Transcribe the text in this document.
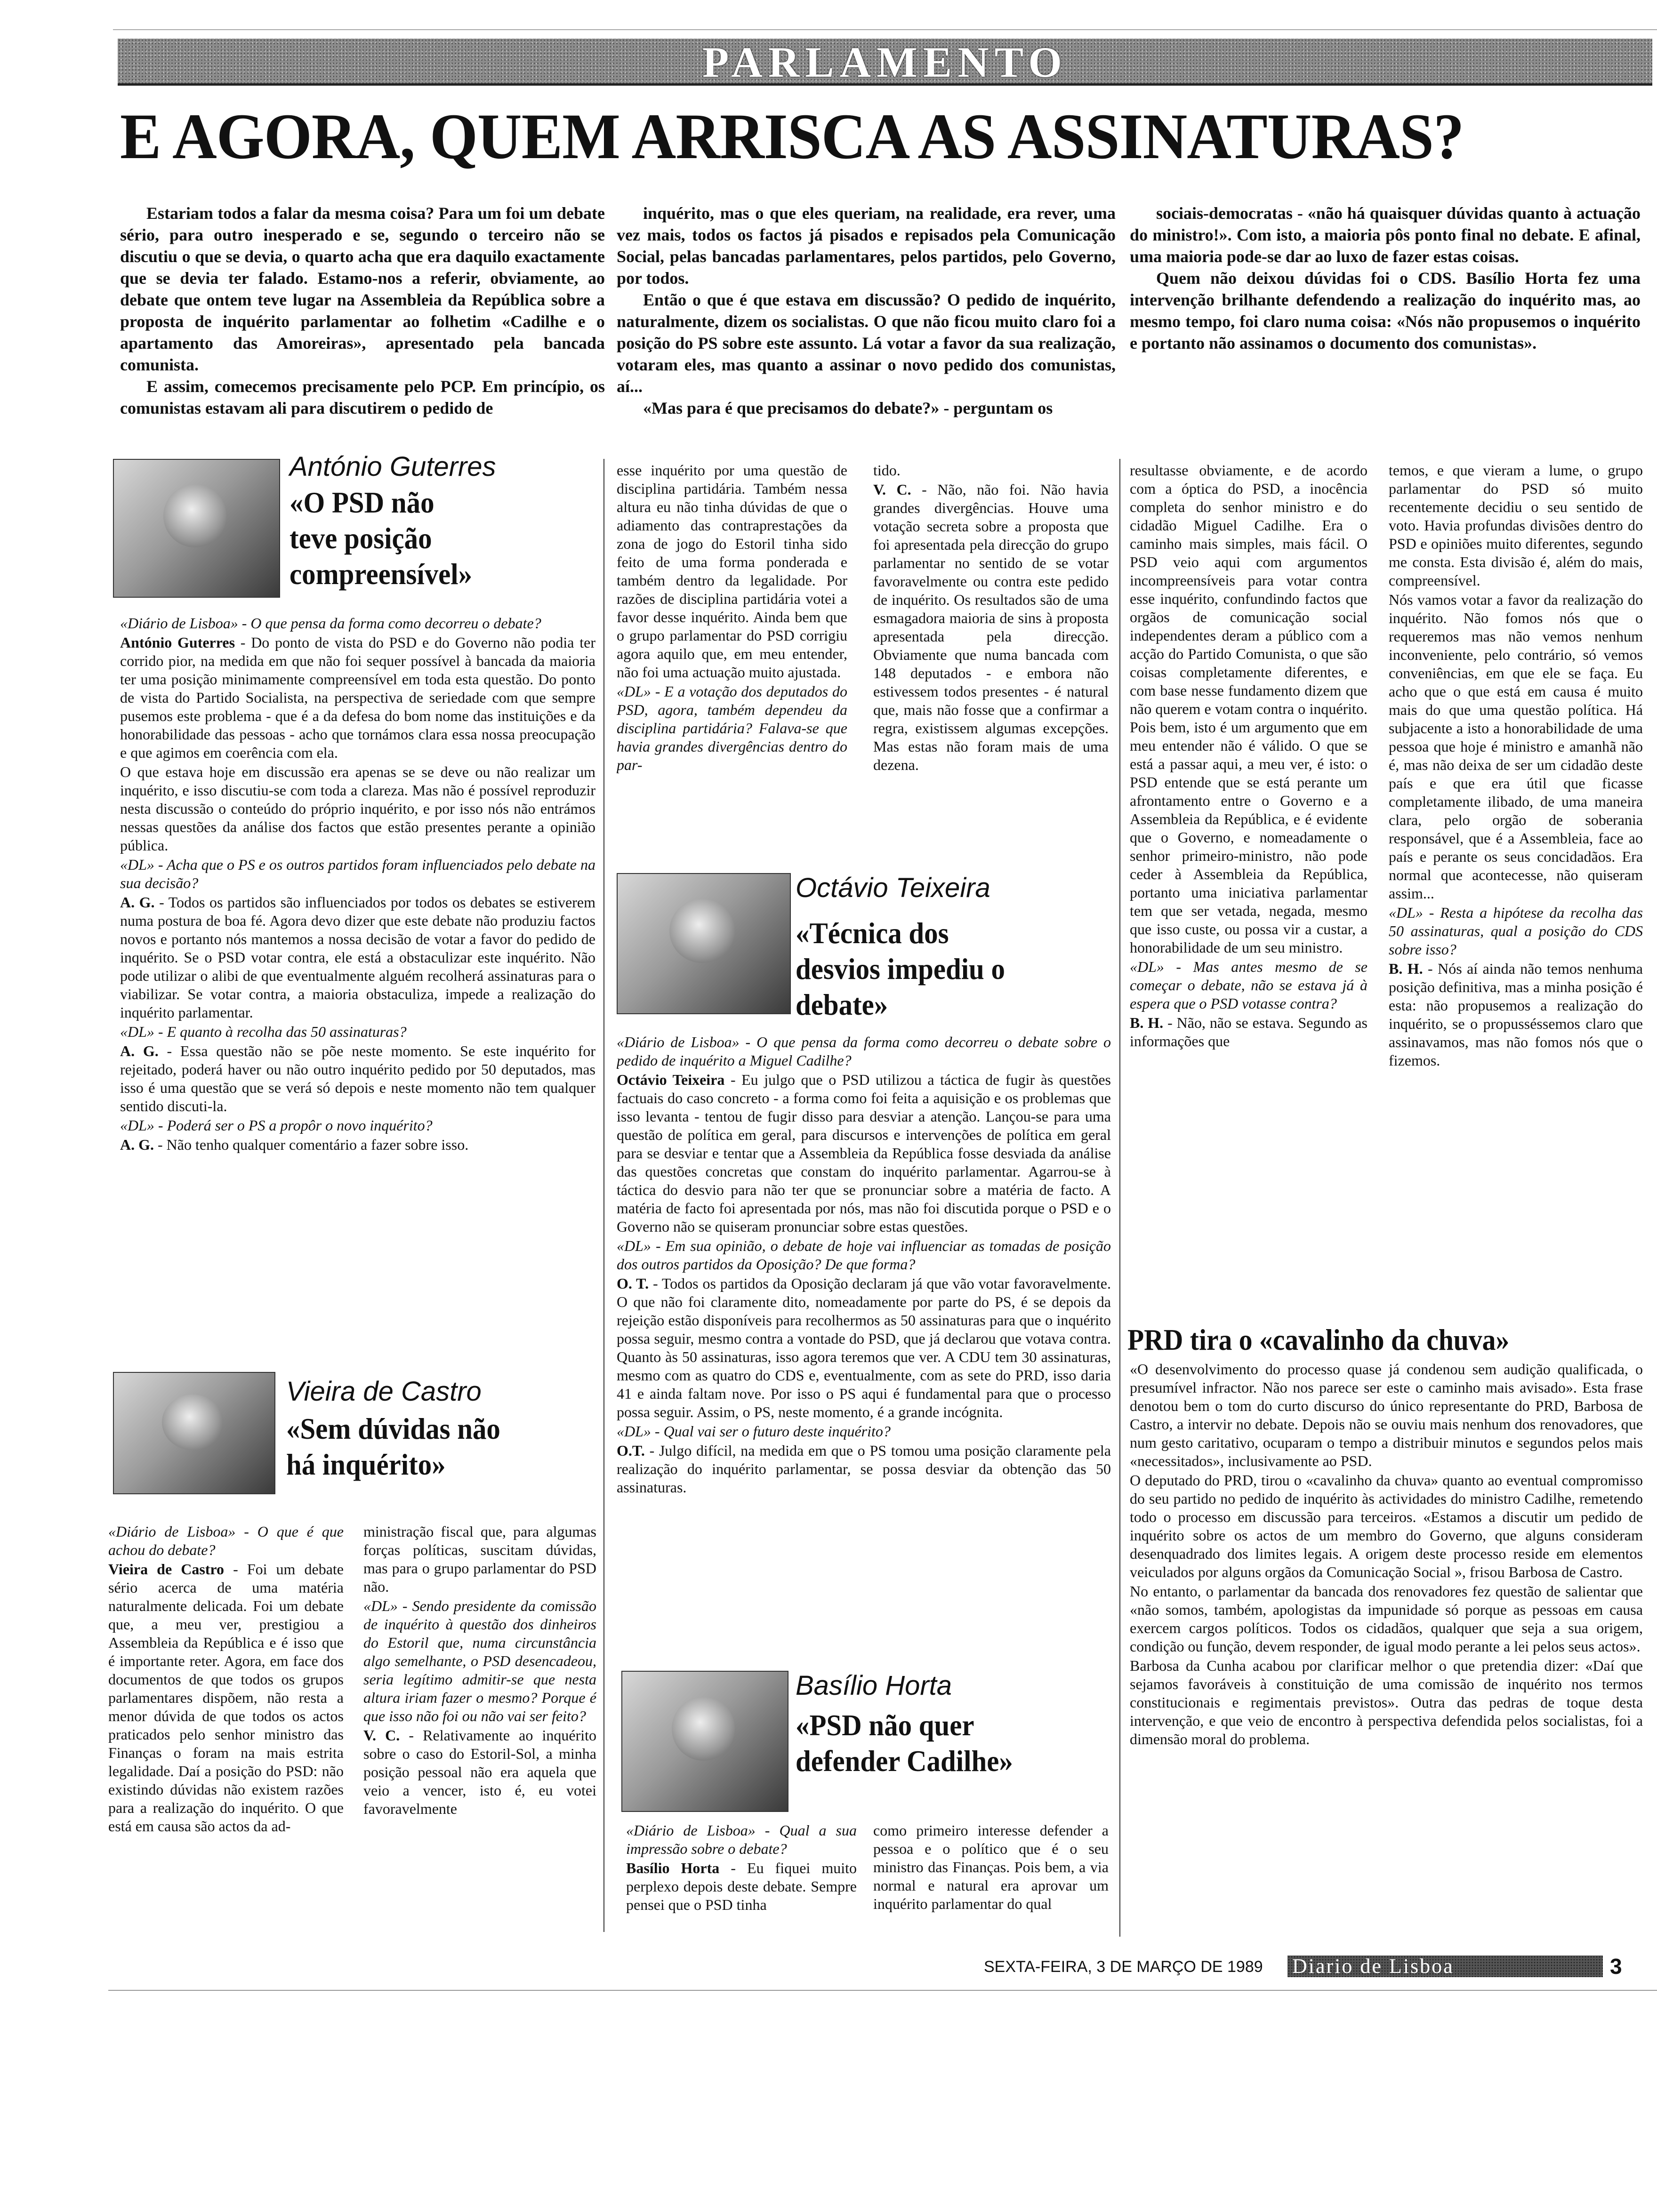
PARLAMENTO
E AGORA, QUEM ARRISCA AS ASSINATURAS?

Estariam todos a falar da mesma coisa? Para um foi um debate sério, para outro inesperado e se, segundo o terceiro não se discutiu o que se devia, o quarto acha que era daquilo exactamente que se devia ter falado. Estamo-nos a referir, obviamente, ao debate que ontem teve lugar na Assembleia da República sobre a proposta de inquérito parlamentar ao folhetim «Cadilhe e o apartamento das Amoreiras», apresentado pela bancada comunista.

E assim, comecemos precisamente pelo PCP. Em princípio, os comunistas estavam ali para discutirem o pedido de

inquérito, mas o que eles queriam, na realidade, era rever, uma vez mais, todos os factos já pisados e repisados pela Comunicação Social, pelas bancadas parlamentares, pelos partidos, pelo Governo, por todos.

Então o que é que estava em discussão? O pedido de inquérito, naturalmente, dizem os socialistas. O que não ficou muito claro foi a posição do PS sobre este assunto. Lá votar a favor da sua realização, votaram eles, mas quanto a assinar o novo pedido dos comunistas, aí...

«Mas para é que precisamos do debate?» - perguntam os

sociais-democratas - «não há quaisquer dúvidas quanto à actuação do ministro!». Com isto, a maioria pôs ponto final no debate. E afinal, uma maioria pode-se dar ao luxo de fazer estas coisas.

Quem não deixou dúvidas foi o CDS. Basílio Horta fez uma intervenção brilhante defendendo a realização do inquérito mas, ao mesmo tempo, foi claro numa coisa: «Nós não propusemos o inquérito e portanto não assinamos o documento dos comunistas».

António Guterres
«O PSD não teve posição compreensível»

«Diário de Lisboa» - O que pensa da forma como decorreu o debate?

António Guterres - Do ponto de vista do PSD e do Governo não podia ter corrido pior, na medida em que não foi sequer possível à bancada da maioria ter uma posição minimamente compreensível em toda esta questão. Do ponto de vista do Partido Socialista, na perspectiva de seriedade com que sempre pusemos este problema - que é a da defesa do bom nome das instituições e da honorabilidade das pessoas - acho que tornámos clara essa nossa preocupação e que agimos em coerência com ela.

O que estava hoje em discussão era apenas se se deve ou não realizar um inquérito, e isso discutiu-se com toda a clareza. Mas não é possível reproduzir nesta discussão o conteúdo do próprio inquérito, e por isso nós não entrámos nessas questões da análise dos factos que estão presentes perante a opinião pública.

«DL» - Acha que o PS e os outros partidos foram influenciados pelo debate na sua decisão?

A. G. - Todos os partidos são influenciados por todos os debates se estiverem numa postura de boa fé. Agora devo dizer que este debate não produziu factos novos e portanto nós mantemos a nossa decisão de votar a favor do pedido de inquérito. Se o PSD votar contra, ele está a obstaculizar este inquérito. Não pode utilizar o alibi de que eventualmente alguém recolherá assinaturas para o viabilizar. Se votar contra, a maioria obstaculiza, impede a realização do inquérito parlamentar.

«DL» - E quanto à recolha das 50 assinaturas?

A. G. - Essa questão não se põe neste momento. Se este inquérito for rejeitado, poderá haver ou não outro inquérito pedido por 50 deputados, mas isso é uma questão que se verá só depois e neste momento não tem qualquer sentido discuti-la.

«DL» - Poderá ser o PS a propôr o novo inquérito?

A. G. - Não tenho qualquer comentário a fazer sobre isso.

esse inquérito por uma questão de disciplina partidária. Também nessa altura eu não tinha dúvidas de que o adiamento das contraprestações da zona de jogo do Estoril tinha sido feito de uma forma ponderada e também dentro da legalidade. Por razões de disciplina partidária votei a favor desse inquérito. Ainda bem que o grupo parlamentar do PSD corrigiu agora aquilo que, em meu entender, não foi uma actuação muito ajustada.

«DL» - E a votação dos deputados do PSD, agora, também dependeu da disciplina partidária? Falava-se que havia grandes divergências dentro do par-

tido.

V. C. - Não, não foi. Não havia grandes divergências. Houve uma votação secreta sobre a proposta que foi apresentada pela direcção do grupo parlamentar no sentido de se votar favoravelmente ou contra este pedido de inquérito. Os resultados são de uma esmagadora maioria de sins à proposta apresentada pela direcção. Obviamente que numa bancada com 148 deputados - e embora não estivessem todos presentes - é natural que, mais não fosse que a confirmar a regra, existissem algumas excepções. Mas estas não foram mais de uma dezena.

Vieira de Castro
«Sem dúvidas não há inquérito»

«Diário de Lisboa» - O que é que achou do debate?

Vieira de Castro - Foi um debate sério acerca de uma matéria naturalmente delicada. Foi um debate que, a meu ver, prestigiou a Assembleia da República e é isso que é importante reter. Agora, em face dos documentos de que todos os grupos parlamentares dispõem, não resta a menor dúvida de que todos os actos praticados pelo senhor ministro das Finanças o foram na mais estrita legalidade. Daí a posição do PSD: não existindo dúvidas não existem razões para a realização do inquérito. O que está em causa são actos da ad-

ministração fiscal que, para algumas forças políticas, suscitam dúvidas, mas para o grupo parlamentar do PSD não.

«DL» - Sendo presidente da comissão de inquérito à questão dos dinheiros do Estoril que, numa circunstância algo semelhante, o PSD desencadeou, seria legítimo admitir-se que nesta altura iriam fazer o mesmo? Porque é que isso não foi ou não vai ser feito?

V. C. - Relativamente ao inquérito sobre o caso do Estoril-Sol, a minha posição pessoal não era aquela que veio a vencer, isto é, eu votei favoravelmente

Octávio Teixeira
«Técnica dos desvios impediu o debate»

«Diário de Lisboa» - O que pensa da forma como decorreu o debate sobre o pedido de inquérito a Miguel Cadilhe?

Octávio Teixeira - Eu julgo que o PSD utilizou a táctica de fugir às questões factuais do caso concreto - a forma como foi feita a aquisição e os problemas que isso levanta - tentou de fugir disso para desviar a atenção. Lançou-se para uma questão de política em geral, para discursos e intervenções de política em geral para se desviar e tentar que a Assembleia da República fosse desviada da análise das questões concretas que constam do inquérito parlamentar. Agarrou-se à táctica do desvio para não ter que se pronunciar sobre a matéria de facto. A matéria de facto foi apresentada por nós, mas não foi discutida porque o PSD e o Governo não se quiseram pronunciar sobre estas questões.

«DL» - Em sua opinião, o debate de hoje vai influenciar as tomadas de posição dos outros partidos da Oposição? De que forma?

O. T. - Todos os partidos da Oposição declaram já que vão votar favoravelmente. O que não foi claramente dito, nomeadamente por parte do PS, é se depois da rejeição estão disponíveis para recolhermos as 50 assinaturas para que o inquérito possa seguir, mesmo contra a vontade do PSD, que já declarou que votava contra. Quanto às 50 assinaturas, isso agora teremos que ver. A CDU tem 30 assinaturas, mesmo com as quatro do CDS e, eventualmente, com as sete do PRD, isso daria 41 e ainda faltam nove. Por isso o PS aqui é fundamental para que o processo possa seguir. Assim, o PS, neste momento, é a grande incógnita.

«DL» - Qual vai ser o futuro deste inquérito?

O.T. - Julgo difícil, na medida em que o PS tomou uma posição claramente pela realização do inquérito parlamentar, se possa desviar da obtenção das 50 assinaturas.

Basílio Horta
«PSD não quer defender Cadilhe»

«Diário de Lisboa» - Qual a sua impressão sobre o debate?

Basílio Horta - Eu fiquei muito perplexo depois deste debate. Sempre pensei que o PSD tinha

como primeiro interesse defender a pessoa e o político que é o seu ministro das Finanças. Pois bem, a via normal e natural era aprovar um inquérito parlamentar do qual

resultasse obviamente, e de acordo com a óptica do PSD, a inocência completa do senhor ministro e do cidadão Miguel Cadilhe. Era o caminho mais simples, mais fácil. O PSD veio aqui com argumentos incompreensíveis para votar contra esse inquérito, confundindo factos que orgãos de comunicação social independentes deram a público com a acção do Partido Comunista, o que são coisas completamente diferentes, e com base nesse fundamento dizem que não querem e votam contra o inquérito. Pois bem, isto é um argumento que em meu entender não é válido. O que se está a passar aqui, a meu ver, é isto: o PSD entende que se está perante um afrontamento entre o Governo e a Assembleia da República, e é evidente que o Governo, e nomeadamente o senhor primeiro-ministro, não pode ceder à Assembleia da República, portanto uma iniciativa parlamentar tem que ser vetada, negada, mesmo que isso custe, ou possa vir a custar, a honorabilidade de um seu ministro.

«DL» - Mas antes mesmo de se começar o debate, não se estava já à espera que o PSD votasse contra?

B. H. - Não, não se estava. Segundo as informações que

temos, e que vieram a lume, o grupo parlamentar do PSD só muito recentemente decidiu o seu sentido de voto. Havia profundas divisões dentro do PSD e opiniões muito diferentes, segundo me consta. Esta divisão é, além do mais, compreensível.

Nós vamos votar a favor da realização do inquérito. Não fomos nós que o requeremos mas não vemos nenhum inconveniente, pelo contrário, só vemos conveniências, em que ele se faça. Eu acho que o que está em causa é muito mais do que uma questão política. Há subjacente a isto a honorabilidade de uma pessoa que hoje é ministro e amanhã não é, mas não deixa de ser um cidadão deste país e que era útil que ficasse completamente ilibado, de uma maneira clara, pelo orgão de soberania responsável, que é a Assembleia, face ao país e perante os seus concidadãos. Era normal que acontecesse, não quiseram assim...

«DL» - Resta a hipótese da recolha das 50 assinaturas, qual a posição do CDS sobre isso?

B. H. - Nós aí ainda não temos nenhuma posição definitiva, mas a minha posição é esta: não propusemos a realização do inquérito, se o propusséssemos claro que assinavamos, mas não fomos nós que o fizemos.

PRD tira o «cavalinho da chuva»

«O desenvolvimento do processo quase já condenou sem audição qualificada, o presumível infractor. Não nos parece ser este o caminho mais avisado». Esta frase denotou bem o tom do curto discurso do único representante do PRD, Barbosa de Castro, a intervir no debate. Depois não se ouviu mais nenhum dos renovadores, que num gesto caritativo, ocuparam o tempo a distribuir minutos e segundos pelos mais «necessitados», inclusivamente ao PSD.

O deputado do PRD, tirou o «cavalinho da chuva» quanto ao eventual compromisso do seu partido no pedido de inquérito às actividades do ministro Cadilhe, remetendo todo o processo em discussão para terceiros. «Estamos a discutir um pedido de inquérito sobre os actos de um membro do Governo, que alguns consideram desenquadrado dos limites legais. A origem deste processo reside em elementos veiculados por alguns orgãos da Comunicação Social », frisou Barbosa de Castro.

No entanto, o parlamentar da bancada dos renovadores fez questão de salientar que «não somos, também, apologistas da impunidade só porque as pessoas em causa exercem cargos políticos. Todos os cidadãos, qualquer que seja a sua origem, condição ou função, devem responder, de igual modo perante a lei pelos seus actos».

Barbosa da Cunha acabou por clarificar melhor o que pretendia dizer: «Daí que sejamos favoráveis à constituição de uma comissão de inquérito nos termos constitucionais e regimentais previstos». Outra das pedras de toque desta intervenção, e que veio de encontro à perspectiva defendida pelos socialistas, foi a dimensão moral do problema.

SEXTA-FEIRA, 3 DE MARÇO DE 1989 Diario de Lisboa	3
